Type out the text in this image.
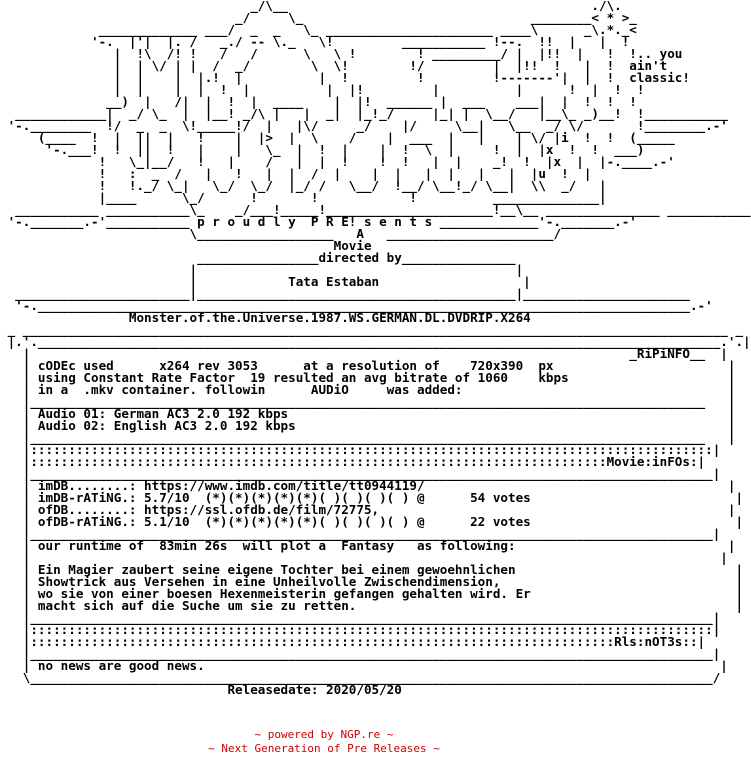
_/\__                                        ./\.
_/     \_                              ________< * >_
_____________ ___/  _  _   \_ ______________________ ____\      _\.*._<
'-.  |'|  |. /   _./ -- \._   \!         ___________ !--.  !!  |   |  !
|  !\  /! !   /   /      \   \ !        ! _________/ |  |!!  |   !  !.. you
|  | \/ | |  /  _/        \  \!        !/         |  |!!  !   |  !  ain't
|  |    |  |.!  |          |  !         !         !-------'|  |  !  classic!
|  |    |  |  !  |          |  |!         |          |      !  |  !  !
__)  |   /|  |  !  |  ____    |  |!  ______ |  ___    ___|  |  !  !  !
____________|  _/ \_  |  |__! _/\ |   |  _|  |_!_/     |_| |  \__/   |__\_ _)__!  !___________
'-.________  !/  _  _  \!_____!/  |   |\/     _/    |/     \__|   \__  _/ \/       !________.-'
(____  !  |  ||  |   !    |  |>  |  \    /    |  ___  |   |    | \/ |i  !  !  (_____
'-.___!  !  ||  !   |    |   \_  |  !  |    |  !  \  |     !  |  |x  !  !  ___)
!   \_|__/   !   |    /   |  |  !    !  !   |  |    _!  !  |x  |  |-.____.-'
!   :  _  /   |   !   |  |  /  |    |  |   |  |   |   |  |u  !  |
!   !._/ \_|   \_/  \_/  |_/ /   \__/  !__/ \__!_/ \__|  \\  _/   |
|____      \_/      !       !            !          ______________|
___________ ___________\_    _/___!_____!______________________!__\__ _______________ ___________
'-._______.-'___________ p r o u d l y  P R E! s e n t s _____________'-._______.-'
\__________________   A   ______________________/
Movie
________________directed by_______________
|                                          |
|            Tata Estaban                   |
_______________________|__________________________________________|______________________
'-.______________________________________________________________________________________.-'
Monster.of.the.Universe.1987.WS.GERMAN.DL.DVDRIP.X264
_ _____________________________________________________________________________________________ _
|.'.__________________________________________________________________________________________.'.|
|                                                                               _RiPiNFO__  |
| cODEc used      x264 rev 3053      at a resolution of    720x390  px                       |
| using Constant Rate Factor  19 resulted an avg bitrate of 1060    kbps                     |
| in a  .mkv container. followin      AUDiO     was added:                                   |
|_________________________________________________________________________________________   |
| Audio 01: German AC3 2.0 192 kbps                                                          |
| Audio 02: English AC3 2.0 192 kbps                                                         |
|_________________________________________________________________________________________   |
|::::::::::::::::::::::::::::::::::::::::::::::::::::::::::::::::::::::::::::::::::::::::::|
|::::::::::::::::::::::::::::::::::::::::::::::::::::::::::::::::::::::::::::Movie:inFOs:|
|__________________________________________________________________________________________|
| imDB........: https://www.imdb.com/title/tt0944119/                                        |
| imDB-rATiNG.: 5.7/10  (*)(*)(*)(*)(*)( )( )( )( ) @      54 votes                           |
| ofDB........: https://ssl.ofdb.de/film/72775,                                              |
| ofDB-rATiNG.: 5.1/10  (*)(*)(*)(*)(*)( )( )( )( ) @      22 votes                           |
|__________________________________________________________________________________________|
| our runtime of  83min 26s  will plot a  Fantasy   as following:                            |
|                                                                                           |
| Ein Magier zaubert seine eigene Tochter bei einem gewoehnlichen                             |
| Showtrick aus Versehen in eine Unheilvolle Zwischendimension,                               |
| wo sie von einer boesen Hexenmeisterin gefangen gehalten wird. Er                           |
| macht sich auf die Suche um sie zu retten.                                                  |
|__________________________________________________________________________________________|
|::::::::::::::::::::::::::::::::::::::::::::::::::::::::::::::::::::::::::::::::::::::::::|
|:::::::::::::::::::::::::::::::::::::::::::::::::::::::::::::::::::::::::::::Rls:nOT3s::|
|__________________________________________________________________________________________|
| no news are good news.                                                                    |
\__________________________________________________________________________________________/
Releasedate: 2020/05/20
~ powered by NGP.re ~
~ Next Generation of Pre Releases ~
